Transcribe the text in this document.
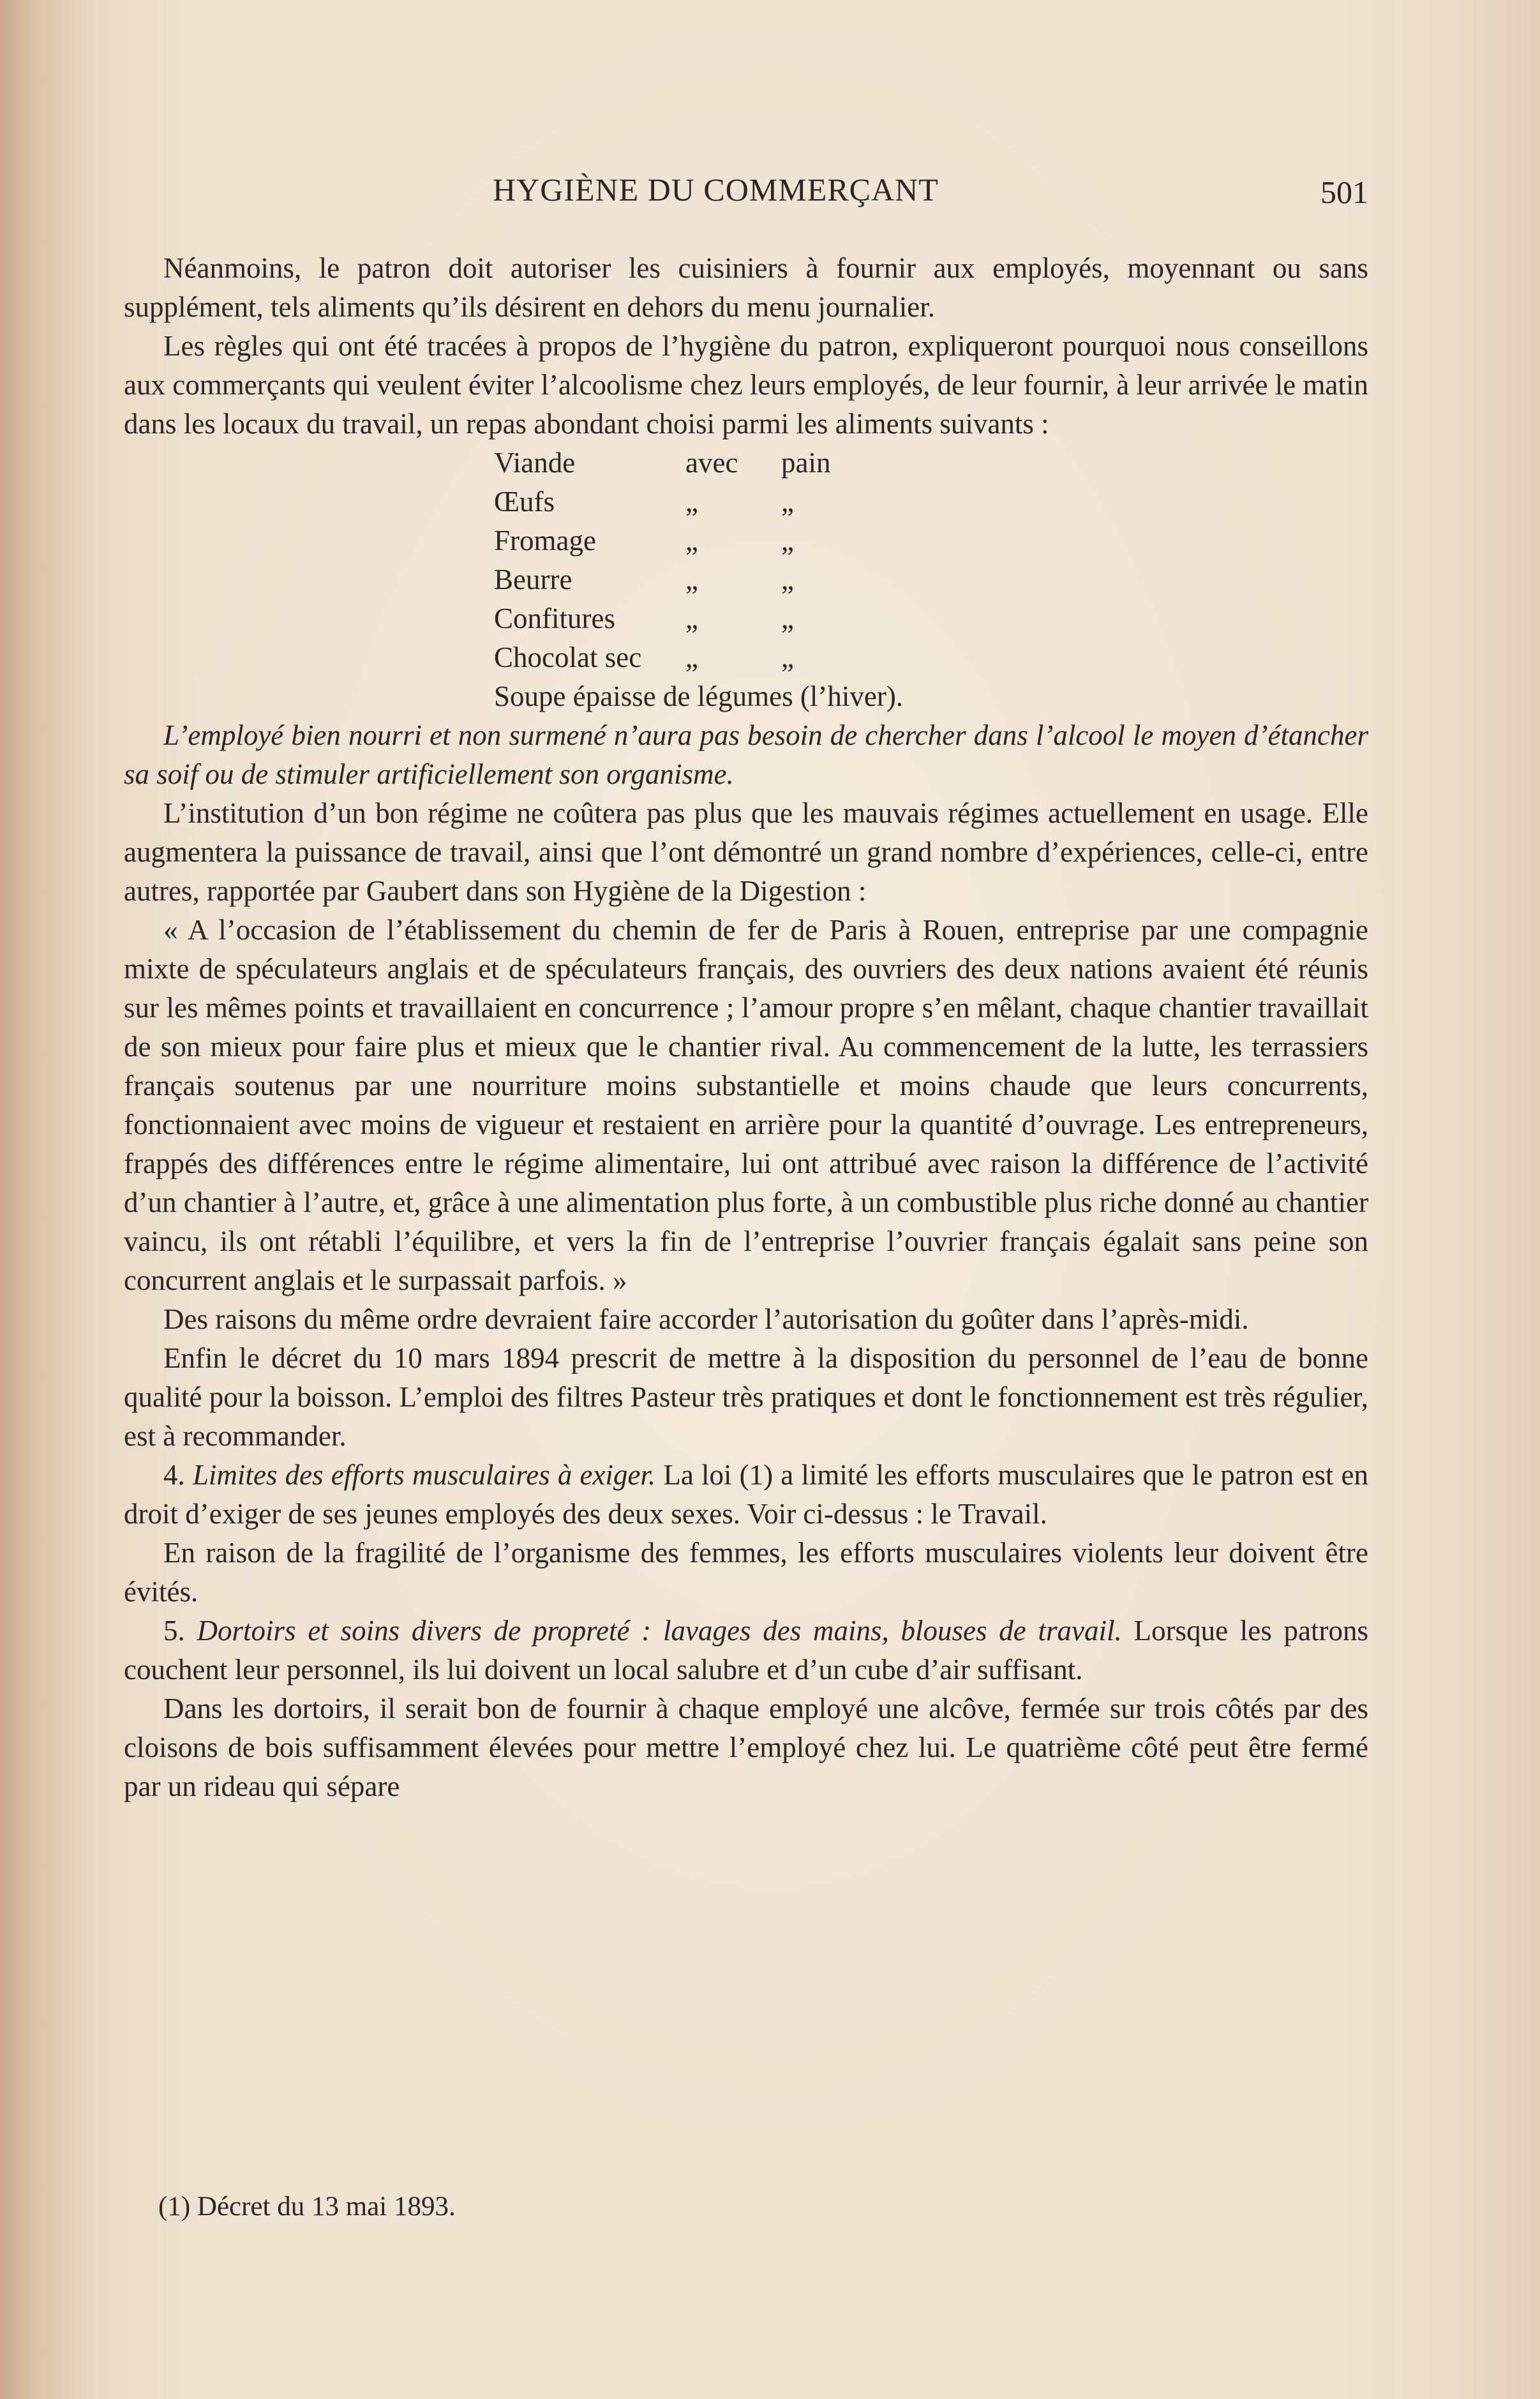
HYGIÈNE DU COMMERÇANT	501

Néanmoins, le patron doit autoriser les cuisiniers à fournir aux employés, moyennant ou sans supplément, tels aliments qu’ils désirent en dehors du menu journalier.

Les règles qui ont été tracées à propos de l’hygiène du patron, expliqueront pourquoi nous conseillons aux commerçants qui veulent éviter l’alcoolisme chez leurs employés, de leur fournir, à leur arrivée le matin dans les locaux du travail, un repas abondant choisi parmi les aliments suivants :

Viande	avec pain
Œufs	„	„
Fromage	„	„
Beurre	„	„
Confitures „	„
Chocolat sec „	„
Soupe épaisse de légumes (l’hiver).

L’employé bien nourri et non surmené n’aura pas besoin de chercher dans l’alcool le moyen d’étancher sa soif ou de stimuler artificiellement son organisme.

L’institution d’un bon régime ne coûtera pas plus que les mauvais régimes actuellement en usage. Elle augmentera la puissance de travail, ainsi que l’ont démontré un grand nombre d’expériences, celle-ci, entre autres, rapportée par Gaubert dans son Hygiène de la Digestion :

« A l’occasion de l’établissement du chemin de fer de Paris à Rouen, entreprise par une compagnie mixte de spéculateurs anglais et de spéculateurs français, des ouvriers des deux nations avaient été réunis sur les mêmes points et travaillaient en concurrence ; l’amour propre s’en mêlant, chaque chantier travaillait de son mieux pour faire plus et mieux que le chantier rival. Au commencement de la lutte, les terrassiers français soutenus par une nourriture moins substantielle et moins chaude que leurs concurrents, fonctionnaient avec moins de vigueur et restaient en arrière pour la quantité d’ouvrage. Les entrepreneurs, frappés des différences entre le régime alimentaire, lui ont attribué avec raison la différence de l’activité d’un chantier à l’autre, et, grâce à une alimentation plus forte, à un combustible plus riche donné au chantier vaincu, ils ont rétabli l’équilibre, et vers la fin de l’entreprise l’ouvrier français égalait sans peine son concurrent anglais et le surpassait parfois. »

Des raisons du même ordre devraient faire accorder l’autorisation du goûter dans l’après-midi.

Enfin le décret du 10 mars 1894 prescrit de mettre à la disposition du personnel de l’eau de bonne qualité pour la boisson. L’emploi des filtres Pasteur très pratiques et dont le fonctionnement est très régulier, est à recommander.

4. Limites des efforts musculaires à exiger. La loi (1) a limité les efforts musculaires que le patron est en droit d’exiger de ses jeunes employés des deux sexes. Voir ci-dessus : le Travail.

En raison de la fragilité de l’organisme des femmes, les efforts musculaires violents leur doivent être évités.

5. Dortoirs et soins divers de propreté : lavages des mains, blouses de travail. Lorsque les patrons couchent leur personnel, ils lui doivent un local salubre et d’un cube d’air suffisant.

Dans les dortoirs, il serait bon de fournir à chaque employé une alcôve, fermée sur trois côtés par des cloisons de bois suffisamment élevées pour mettre l’employé chez lui. Le quatrième côté peut être fermé par un rideau qui sépare

(1) Décret du 13 mai 1893.
